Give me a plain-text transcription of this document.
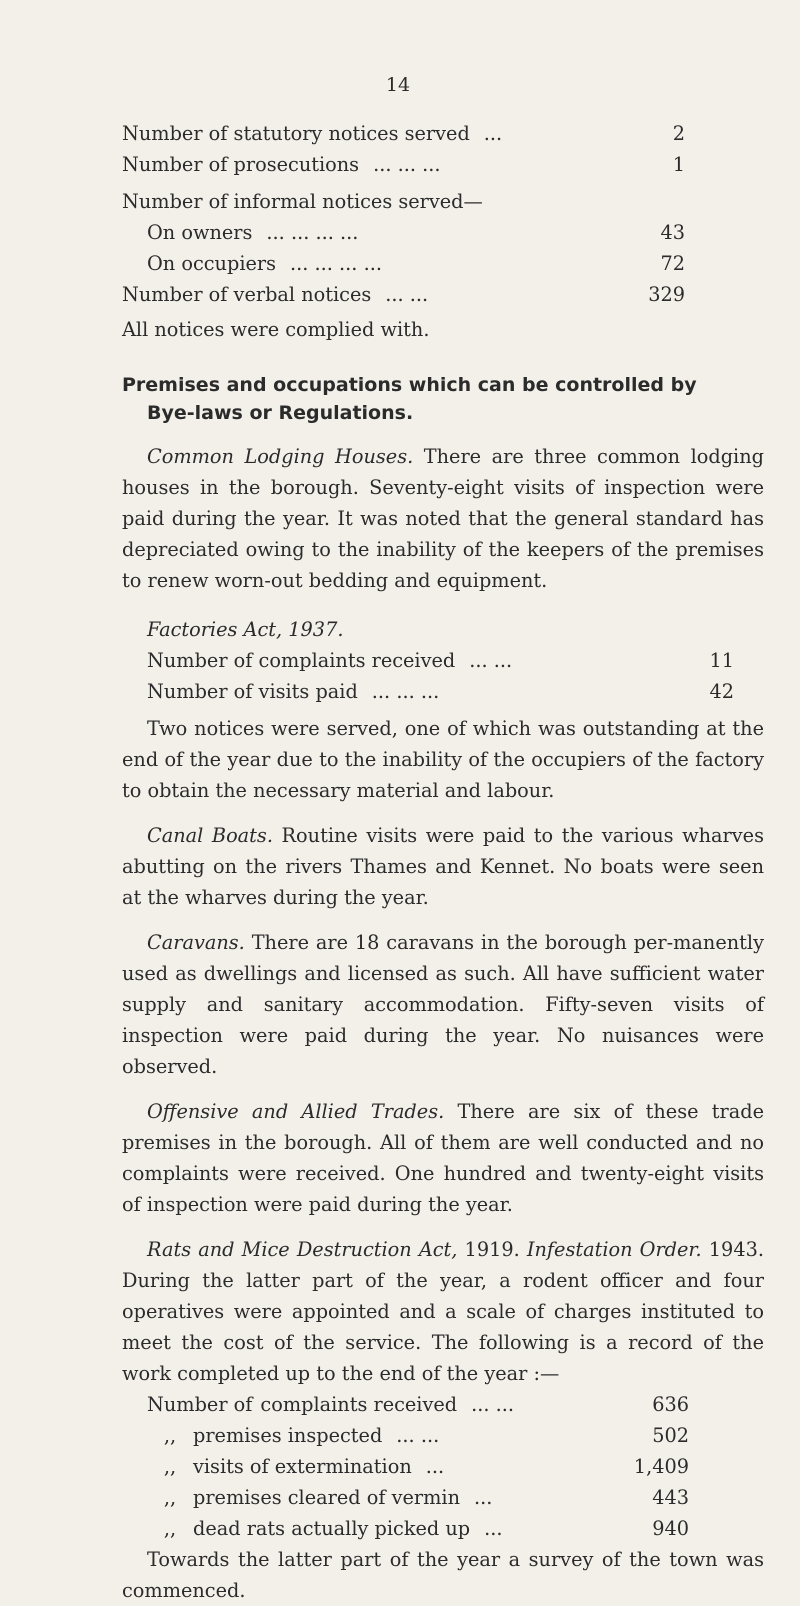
14
Number of statutory notices served ...	2
Number of prosecutions ... ... ...	1
Number of informal notices served—
On owners ... ... ... ...	43
On occupiers ... ... ... ...	72
Number of verbal notices ... ...	329
All notices were complied with.
Premises and occupations which can be controlled by
Bye-laws or Regulations.

Common Lodging Houses. There are three common lodging houses in the borough. Seventy-eight visits of inspection were paid during the year. It was noted that the general standard has depreciated owing to the inability of the keepers of the premises to renew worn-out bedding and equipment.

Factories Act, 1937.
Number of complaints received ... ...	11
Number of visits paid ... ... ...	42

Two notices were served, one of which was outstanding at the end of the year due to the inability of the occupiers of the factory to obtain the necessary material and labour.

Canal Boats. Routine visits were paid to the various wharves abutting on the rivers Thames and Kennet. No boats were seen at the wharves during the year.

Caravans. There are 18 caravans in the borough per-manently used as dwellings and licensed as such. All have sufficient water supply and sanitary accommodation. Fifty-seven visits of inspection were paid during the year. No nuisances were observed.

Offensive and Allied Trades. There are six of these trade premises in the borough. All of them are well conducted and no complaints were received. One hundred and twenty-eight visits of inspection were paid during the year.

Rats and Mice Destruction Act, 1919. Infestation Order. 1943. During the latter part of the year, a rodent officer and four operatives were appointed and a scale of charges instituted to meet the cost of the service. The following is a record of the work completed up to the end of the year :—

Number of complaints received ... ...	636
,, premises inspected ... ...	502
,, visits of extermination ...	1,409
,, premises cleared of vermin ...	443
,, dead rats actually picked up ...	940

Towards the latter part of the year a survey of the town was commenced.
